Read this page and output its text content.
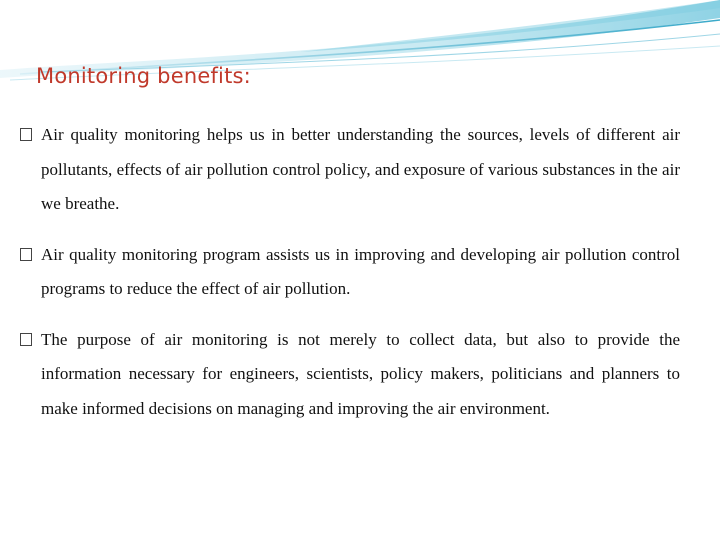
Monitoring benefits:

Air quality monitoring helps us in better understanding the sources, levels of different air pollutants, effects of air pollution control policy, and exposure of various substances in the air we breathe.

Air quality monitoring program assists us in improving and developing air pollution control programs to reduce the effect of air pollution.

The purpose of air monitoring is not merely to collect data, but also to provide the information necessary for engineers, scientists, policy makers, politicians and planners to make informed decisions on managing and improving the air environment.
